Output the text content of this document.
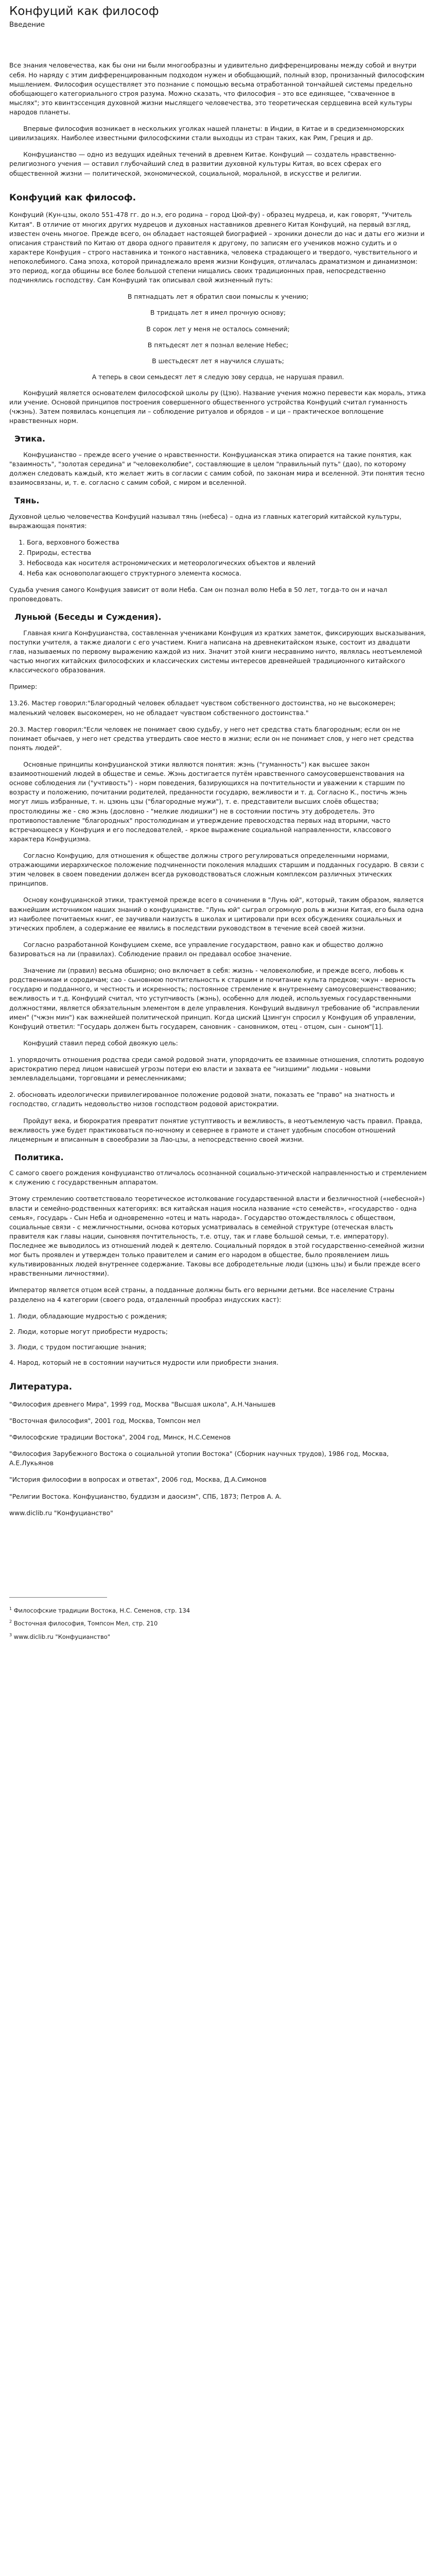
Конфуций как философ
Введение

Все знания человечества, как бы они ни были многообразны и удивительно дифференцированы между собой и внутри себя. Но наряду с этим дифференцированным подходом нужен и обобщающий, полный взор, пронизанный философским мышлением. Философия осуществляет это познание с помощью весьма отработанной тончайшей системы предельно обобщающего категориального строя разума. Можно сказать, что философия – это все единящее, "схваченное в мыслях"; это квинтэссенция духовной жизни мыслящего человечества, это теоретическая сердцевина всей культуры народов планеты.

Впервые философия возникает в нескольких уголках нашей планеты: в Индии, в Китае и в средиземноморских цивилизациях. Наиболее известными философскими стали выходцы из стран таких, как Рим, Греция и др.

Конфуцианство — одно из ведущих идейных течений в древнем Китае. Конфуций — создатель нравственно-религиозного учения — оставил глубочайший след в развитии духовной культуры Китая, во всех сферах его общественной жизни — политической, экономической, социальной, моральной, в искусстве и религии.

Конфуций как философ.

Конфуций (Кун-цзы, около 551-478 гг. до н.э, его родина – город Цюй-фу) - образец мудреца, и, как говорят, "Учитель Китая". В отличие от многих других мудрецов и духовных наставников древнего Китая Конфуций, на первый взгляд, известен очень многое. Прежде всего, он обладает настоящей биографией – хроники донесли до нас и даты его жизни и описания странствий по Китаю от двора одного правителя к другому, по записям его учеников можно судить и о характере Конфуция – строго наставника и тонкого наставника, человека страдающего и твердого, чувствительного и непоколебимого. Сама эпоха, которой принадлежало время жизни Конфуция, отличалась драматизмом и динамизмом: это период, когда общины все более большой степени нищались своих традиционных прав, непосредственно подчинялись господству. Сам Конфуций так описывал свой жизненный путь:

В пятнадцать лет я обратил свои помыслы к учению;
В тридцать лет я имел прочную основу;
В сорок лет у меня не осталось сомнений;
В пятьдесят лет я познал веление Небес;
В шестьдесят лет я научился слушать;
А теперь в свои семьдесят лет я следую зову сердца, не нарушая правил.

Конфуций является основателем философской школы ру (Цзю). Название учения можно перевести как мораль, этика или учение. Основой принципов построения совершенного общественного устройства Конфуций считал гуманность (чжэнь). Затем появилась концепция ли – соблюдение ритуалов и обрядов – и ци – практическое воплощение нравственных норм.

Этика.

Конфуцианство – прежде всего учение о нравственности. Конфуцианская этика опирается на такие понятия, как "взаимность", "золотая середина" и "человеколюбие", составляющие в целом "правильный путь" (дао), по которому должен следовать каждый, кто желает жить в согласии с самим собой, по законам мира и вселенной. Эти понятия тесно взаимосвязаны, и, т. е. согласно с самим собой, с миром и вселенной.

Тянь.

Духовной целью человечества Конфуций называл тянь (небеса) – одна из главных категорий китайской культуры, выражающая понятия:

1. Бога, верховного божества
2. Природы, естества
3. Небосвода как носителя астрономических и метеорологических объектов и явлений
4. Неба как основополагающего структурного элемента космоса.

Судьба учения самого Конфуция зависит от воли Неба. Сам он познал волю Неба в 50 лет, тогда-то он и начал проповедовать.

Луньюй (Беседы и Суждения).

Главная книга Конфуцианства, составленная учениками Конфуция из кратких заметок, фиксирующих высказывания, поступки учителя, а также диалоги с его участием. Книга написана на древнекитайском языке, состоит из двадцати глав, называемых по первому выражению каждой из них. Значит этой книги несравнимо ничто, являлась неотъемлемой частью многих китайских философских и классических системы интересов древнейшей традиционного китайского классического образования.

Пример:

13.26. Мастер говорил:"Благородный человек обладает чувством собственного достоинства, но не высокомерен; маленький человек высокомерен, но не обладает чувством собственного достоинства."

20.3. Мастер говорил:"Если человек не понимает свою судьбу, у него нет средства стать благородным; если он не понимает обычаев, у него нет средства утвердить свое место в жизни; если он не понимает слов, у него нет средства понять людей".

Основные принципы конфуцианской этики являются понятия: жэнь ("гуманность") как высшее закон взаимоотношений людей в обществе и семье. Жэнь достигается путём нравственного самоусовершенствования на основе соблюдения ли ("учтивость") - норм поведения, базирующихся на почтительности и уважении к старшим по возрасту и положению, почитании родителей, преданности государю, вежливости и т. д. Согласно К., постичь жэнь могут лишь избранные, т. н. цзюнь цзы ("благородные мужи"), т. е. представители высших слоёв общества; простолюдины же - сяо жэнь (дословно - "мелкие людишки") не в состоянии постичь эту добродетель. Это противопоставление "благородных" простолюдинам и утверждение превосходства первых над вторыми, часто встречающееся у Конфуция и его последователей, - яркое выражение социальной направленности, классового характера Конфуцизма.

Согласно Конфуцию, для отношения к обществе должны строго регулироваться определенными нормами, отражающими иерархическое положение подчиненности поколения младших старшим и подданных государю. В связи с этим человек в своем поведении должен всегда руководствоваться сложным комплексом различных этических принципов.

Основу конфуцианской этики, трактуемой прежде всего в сочинении в "Лунь юй", который, таким образом, является важнейшим источником наших знаний о конфуцианстве. "Лунь юй" сыграл огромную роль в жизни Китая, его была одна из наиболее почитаемых книг, ее заучивали наизусть в школах и цитировали при всех обсуждениях социальных и этических проблем, а содержание ее явились в последствии руководством в течение всей своей жизни.

Согласно разработанной Конфуцием схеме, все управление государством, равно как и общество должно базироваться на ли (правилах). Соблюдение правил он предавал особое значение.

Значение ли (правил) весьма обширно; оно включает в себя: жизнь - человеколюбие, и прежде всего, любовь к родственникам и сородичам; сао - сыновнюю почтительность к старшим и почитание культа предков; чжун - верность государю и подданного, и честность и искренность; постоянное стремление к внутреннему самоусовершенствованию; вежливость и т.д. Конфуций считал, что уступчивость (жэнь), особенно для людей, используемых государственными должностями, является обязательным элементом в деле управления. Конфуций выдвинул требование об "исправлении имен" ("чжэн мин") как важнейшей политической принцип. Когда циский Цзингун спросил у Конфуция об управлении, Конфуций ответил: "Государь должен быть государем, сановник - сановником, отец - отцом, сын - сыном"[1].

Конфуций ставил перед собой двоякую цель:

1. упорядочить отношения родства среди самой родовой знати, упорядочить ее взаимные отношения, сплотить родовую аристократию перед лицом нависшей угрозы потери ею власти и захвата ее "низшими" людьми - новыми землевладельцами, торговцами и ремесленниками;

2. обосновать идеологически привилегированное положение родовой знати, показать ее "право" на знатность и господство, сгладить недовольство низов господством родовой аристократии.

Пройдут века, и бюрократия превратит понятие уступтивость и вежливость, в неотъемлемую часть правил. Правда, вежливость уже будет практиковаться по-ночному и севернее в грамоте и станет удобным способом отношений лицемерным и вписанным в своеобразии за Лао-цзы, а непосредственно своей жизни.

Политика.

С самого своего рождения конфуцианство отличалось осознанной социально-этической направленностью и стремлением к служению с государственным аппаратом.

Этому стремлению соответствовало теоретическое истолкование государственной власти и безличностной («небесной») власти и семейно-родственных категориях: вся китайская нация носила название «сто семейств», «государство - одна семья», государь - Сын Неба и одновременно «отец и мать народа». Государство отождествлялось с обществом, социальные связи - с межличностными, основа которых усматривалась в семейной структуре (отеческая власть правителя как главы нации, сыновняя почтительность, т.е. отцу, так и главе большой семьи, т.е. императору). Последнее же выводилось из отношений людей к деятелю. Социальный порядок в этой государственно-семейной жизни мог быть проявлен и утвержден только правителем и самим его народом в обществе, было проявлением лишь культивированных людей внутреннее содержание. Таковы все добродетельные люди (цзюнь цзы) и были прежде всего нравственными личностями).

Император является отцом всей страны, а подданные должны быть его верными детьми. Все население Страны разделено на 4 категории (своего рода, отдаленный прообраз индусских каст):

1. Люди, обладающие мудростью с рождения;
2. Люди, которые могут приобрести мудрость;
3. Люди, с трудом постигающие знания;
4. Народ, который не в состоянии научиться мудрости или приобрести знания.
Литература.
"Философия древнего Мира", 1999 год, Москва "Высшая школа", А.Н.Чанышев
"Восточная философия", 2001 год, Москва, Томпсон мел
"Философские традиции Востока", 2004 год, Минск, Н.С.Семенов
"Философия Зарубежного Востока о социальной утопии Востока" (Сборник научных трудов), 1986 год, Москва, А.Е.Лукьянов
"История философии в вопросах и ответах", 2006 год, Москва, Д.А.Симонов
"Религии Востока. Конфуцианство, буддизм и даосизм", СПБ, 1873; Петров А. А.
www.diclib.ru "Конфуцианство"
$^1$ Философские традиции Востока, Н.С. Семенов, стр. 134
$^2$ Восточная философия, Томпсон Мел, стр. 210
$^3$ www.diclib.ru "Конфуцианство"
